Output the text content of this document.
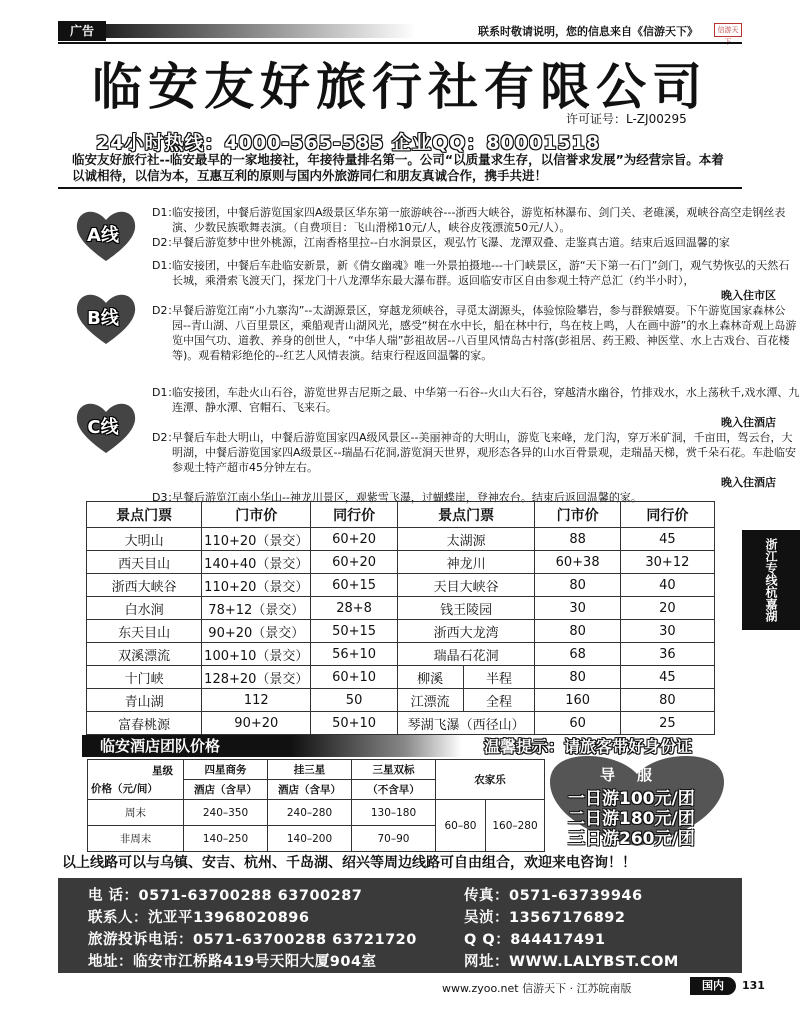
广告	联系时敬请说明，您的信息来自《信游天下》	信游天
临安友好旅行社有限公司
许可证号：L-ZJ00295
24小时热线：4000-565-585 企业QQ：80001518
临安友好旅行社--临安最早的一家地接社，年接待量排名第一。公司“以质量求生存，以信誉求发展”为经营宗旨。本着以诚相待，以信为本，互惠互利的原则与国内外旅游同仁和朋友真诚合作，携手共进！
A线
D1：
临安接团，中餐后游览国家四A级景区华东第一旅游峡谷---浙西大峡谷，游览柘林瀑布、剑门关、老碓溪，观峡谷高空走钢丝表演、少数民族歌舞表演。（自费项目：飞山滑梯10元/人，峡谷皮筏漂流50元/人）。
D2：
早餐后游览梦中世外桃源，江南香格里拉--白水涧景区，观弘竹飞瀑、龙潭双叠、走鉴真古道。结束后返回温馨的家
B线
D1：
临安接团，中餐后车赴临安新景，新《倩女幽魂》唯一外景拍摄地---十门峡景区，游“天下第一石门”剑门，观气势恢弘的天然石长城，乘滑索飞渡天门，探龙门十八龙潭华东最大瀑布群。返回临安市区自由参观土特产总汇（约半小时），
晚入住市区
D2：
早餐后游览江南“小九寨沟”--太湖源景区，穿越龙须峡谷，寻觅太湖源头，体验惊险攀岩，参与群猴嬉耍。下午游览国家森林公园--青山湖、八百里景区，乘船观青山湖风光，感受“树在水中长，船在林中行，鸟在枝上鸣，人在画中游”的水上森林奇观上岛游览中国气功、道教、养身的创世人，“中华人瑞”彭祖故居--八百里风情岛古村落(彭祖居、药王殿、神医堂、水上古戏台、百花楼等)。观看精彩绝伦的--红艺人风情表演。结束行程返回温馨的家。
C线
D1：
临安接团，车赴火山石谷，游览世界吉尼斯之最、中华第一石谷--火山大石谷，穿越清水幽谷，竹排戏水，水上荡秋千,戏水潭、九连潭、静水潭、官帽石、飞来石。
晚入住酒店
D2：
早餐后车赴大明山，中餐后游览国家四A级风景区--美丽神奇的大明山，游览飞来峰，龙门沟，穿万米矿洞，千亩田，驾云台，大明湖，中餐后游览国家四A级景区--瑞晶石花洞,游览洞天世界，观形态各异的山水百骨景观，走瑞晶天梯，赏千朵石花。车赴临安参观土特产超市45分钟左右。
晚入住酒店
D3：
早餐后游览江南小华山--神龙川景区，观紫雪飞瀑，过蝴蝶崖，登神农台。结束后返回温馨的家。
景点门票	门市价	同行价	景点门票		门市价	同行价
大明山	110+20（景交）	60+20	太湖源		88	45
西天目山	140+40（景交）	60+20	神龙川		60+38	30+12
浙西大峡谷	110+20（景交）	60+15	天目大峡谷		80	40
白水涧	78+12（景交）	28+8	钱王陵园		30	20
东天目山	90+20（景交）	50+15	浙西大龙湾		80	30
双溪漂流	100+10（景交）	56+10	瑞晶石花洞		68	36
十门峡	128+20（景交）	60+10	柳溪	半程	80	45
青山湖	112	50	江漂流	全程	160	80
富春桃源	90+20	50+10	琴湖飞瀑（西径山）		60	25
浙江专线杭嘉湖
临安酒店团队价格	温馨提示：请旅客带好身份证
星级
价格（元/间）	四星商务	挂三星	三星双标	农家乐	
	酒店（含早）	酒店（含早）	（不含早）		
周末	240–350	240–280	130–180	60–80	160–280
非周末	140–250	140–200	70–90		
导服
一日游100元/团
二日游180元/团
三日游260元/团
以上线路可以与乌镇、安吉、杭州、千岛湖、绍兴等周边线路可自由组合，欢迎来电咨询！！
电 话：0571-63700288 63700287	传真：0571-63739946
联系人：沈亚平13968020896	吴浈：13567176892
旅游投诉电话：0571-63700288 63721720	Q Q：844417491
地址：临安市江桥路419号天阳大厦904室	网址：WWW.LALYBST.COM
www.zyoo.net 信游天下 · 江苏皖南版	国内	131
